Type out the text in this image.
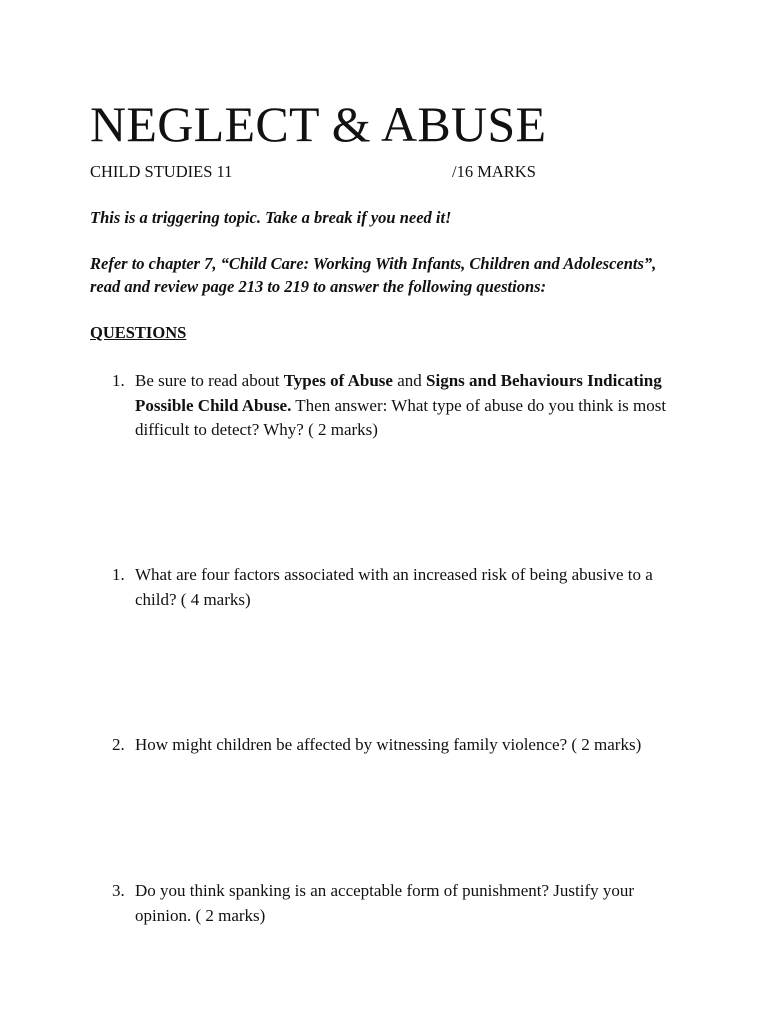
NEGLECT & ABUSE
CHILD STUDIES 11	/16 MARKS
This is a triggering topic. Take a break if you need it!
Refer to chapter 7, “Child Care: Working With Infants, Children and Adolescents”, read and review page 213 to 219 to answer the following questions:
QUESTIONS
1. Be sure to read about Types of Abuse and Signs and Behaviours Indicating Possible Child Abuse. Then answer: What type of abuse do you think is most difficult to detect? Why? ( 2 marks)
1. What are four factors associated with an increased risk of being abusive to a child? ( 4 marks)
2. How might children be affected by witnessing family violence? ( 2 marks)
3. Do you think spanking is an acceptable form of punishment? Justify your opinion. ( 2 marks)
